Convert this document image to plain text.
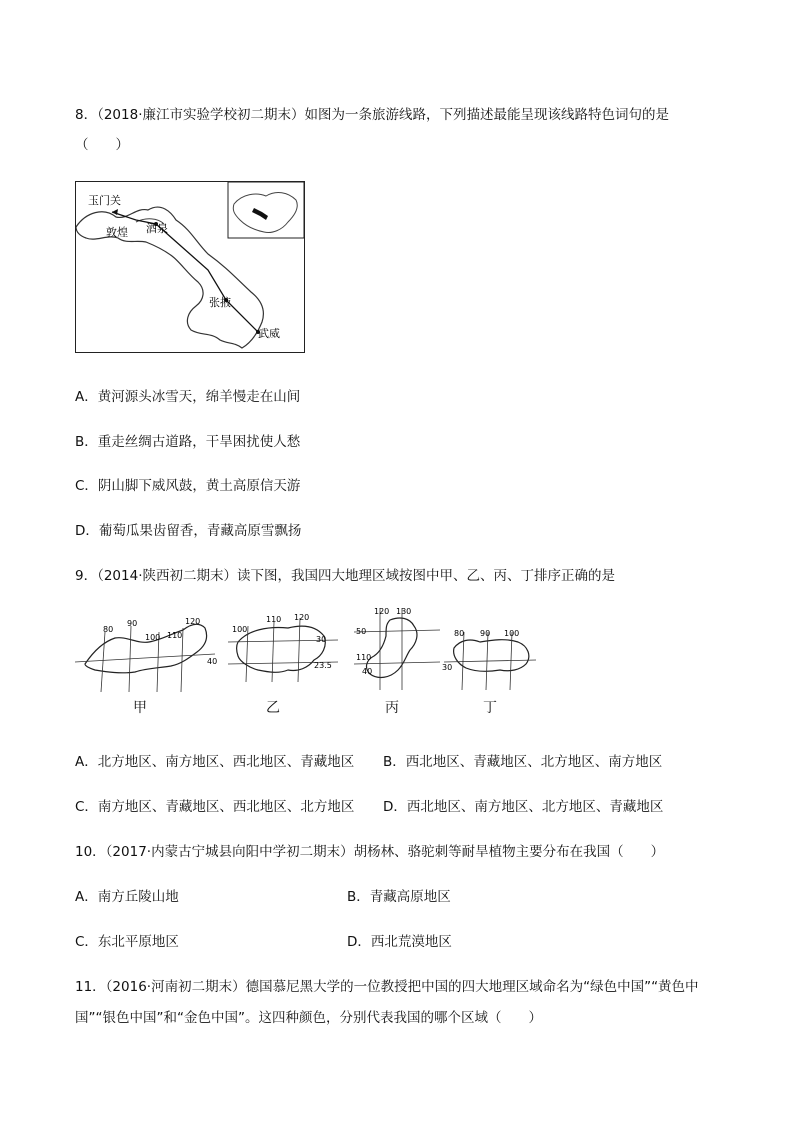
8．（2018·廉江市实验学校初二期末）如图为一条旅游线路，下列描述最能呈现该线路特色词句的是
（　　）
玉门关
敦煌 酒泉
张掖
武威
A．黄河源头冰雪天，绵羊慢走在山间
B．重走丝绸古道路，干旱困扰使人愁
C．阴山脚下威风鼓，黄土高原信天游
D．葡萄瓜果齿留香，青藏高原雪飘扬
9．（2014·陕西初二期末）读下图，我国四大地理区域按图中甲、乙、丙、丁排序正确的是
80
90
100 110
120
40
甲
100
110 120
30
23.5
乙
120 130
50
110
40
丙
80 90 100
30
丁
A．北方地区、南方地区、西北地区、青藏地区 B．西北地区、青藏地区、北方地区、南方地区
C．南方地区、青藏地区、西北地区、北方地区 D．西北地区、南方地区、北方地区、青藏地区
10．（2017·内蒙古宁城县向阳中学初二期末）胡杨林、骆驼刺等耐旱植物主要分布在我国（　　）
A．南方丘陵山地	B．青藏高原地区
C．东北平原地区	D．西北荒漠地区
11．（2016·河南初二期末）德国慕尼黑大学的一位教授把中国的四大地理区域命名为“绿色中国”“黄色中
国”“银色中国”和“金色中国”。这四种颜色，分别代表我国的哪个区域（　　）
